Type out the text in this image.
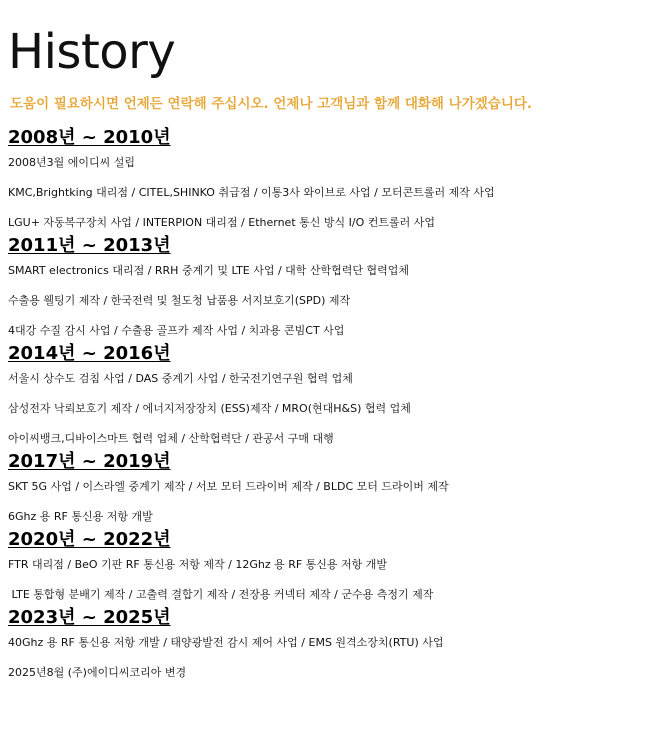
History

도움이 필요하시면 언제든 연락해 주십시오. 언제나 고객님과 함께 대화해 나가겠습니다.

2008년 ~ 2010년

2008년3월 에이디씨 설립

KMC,Brightking 대리점 / CITEL,SHINKO 취급점 / 이통3사 와이브로 사업 / 모터콘트롤러 제작 사업

LGU+ 자동복구장치 사업 / INTERPION 대리점 / Ethernet 통신 방식 I/O 컨트롤러 사업

2011년 ~ 2013년

SMART electronics 대리점 / RRH 중계기 및 LTE 사업 / 대학 산학협력단 협력업체

수출용 웰팅기 제작 / 한국전력 및 철도청 납품용 서지보호기(SPD) 제작

4대강 수질 감시 사업 / 수출용 골프카 제작 사업 / 치과용 콘빔CT 사업

2014년 ~ 2016년

서울시 상수도 검침 사업 / DAS 중계기 사업 / 한국전기연구원 협력 업체

삼성전자 낙뢰보호기 제작 / 에너지저장장치 (ESS)제작 / MRO(현대H&S) 협력 업체

아이씨뱅크,디바이스마트 협력 업체 / 산학협력단 / 관공서 구매 대행

2017년 ~ 2019년

SKT 5G 사업 / 이스라엘 중계기 제작 / 서보 모터 드라이버 제작 / BLDC 모터 드라이버 제작

6Ghz 용 RF 통신용 저항 개발

2020년 ~ 2022년

FTR 대리점 / BeO 기판 RF 통신용 저항 제작 / 12Ghz 용 RF 통신용 저항 개발

LTE 통합형 분배기 제작 / 고출력 결합기 제작 / 전장용 커넥터 제작 / 군수용 측정기 제작

2023년 ~ 2025년

40Ghz 용 RF 통신용 저항 개발 / 태양광발전 감시 제어 사업 / EMS 원격소장치(RTU) 사업

2025년8월 (주)에이디씨코리아 변경
